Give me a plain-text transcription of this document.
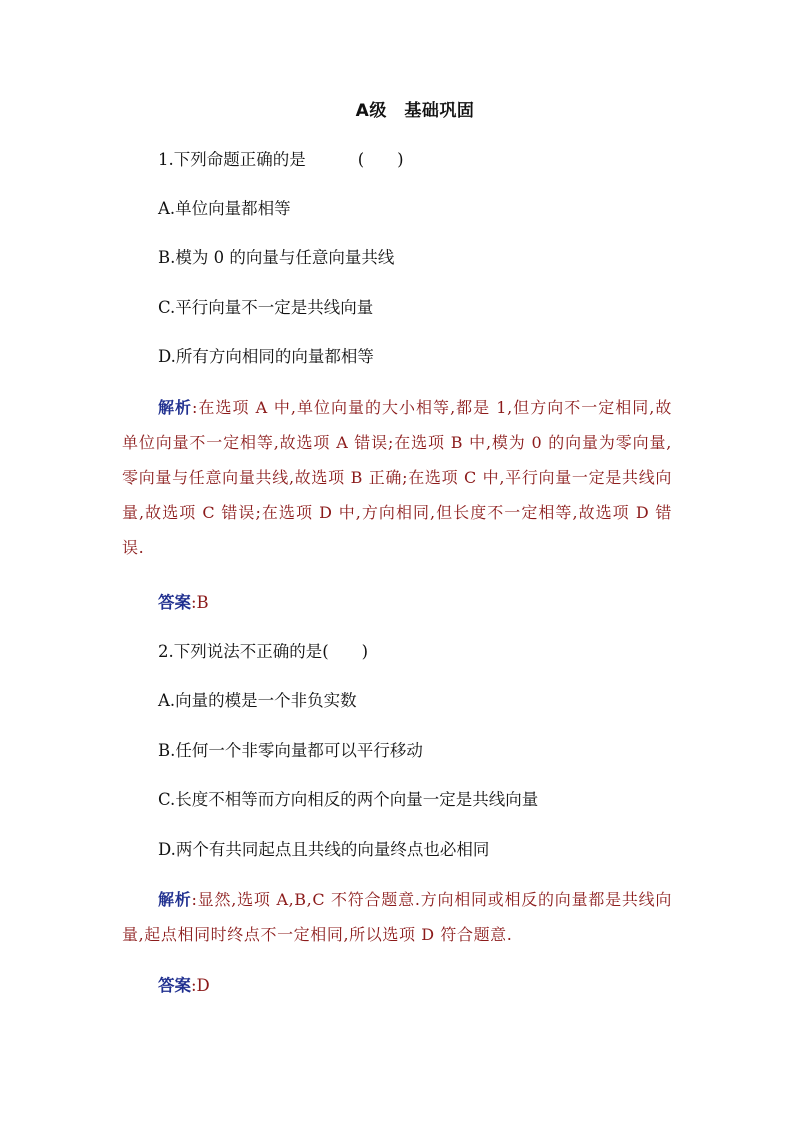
A级　基础巩固
1.下列命题正确的是	(　　)
A.单位向量都相等
B.模为 0 的向量与任意向量共线
C.平行向量不一定是共线向量
D.所有方向相同的向量都相等
解析:在选项 A 中,单位向量的大小相等,都是 1,但方向不一定相同,故单位向量不一定相等,故选项 A 错误;在选项 B 中,模为 0 的向量为零向量,零向量与任意向量共线,故选项 B 正确;在选项 C 中,平行向量一定是共线向量,故选项 C 错误;在选项 D 中,方向相同,但长度不一定相等,故选项 D 错误.
答案:B
2.下列说法不正确的是(　　)
A.向量的模是一个非负实数
B.任何一个非零向量都可以平行移动
C.长度不相等而方向相反的两个向量一定是共线向量
D.两个有共同起点且共线的向量终点也必相同
解析:显然,选项 A,B,C 不符合题意.方向相同或相反的向量都是共线向量,起点相同时终点不一定相同,所以选项 D 符合题意.
答案:D
